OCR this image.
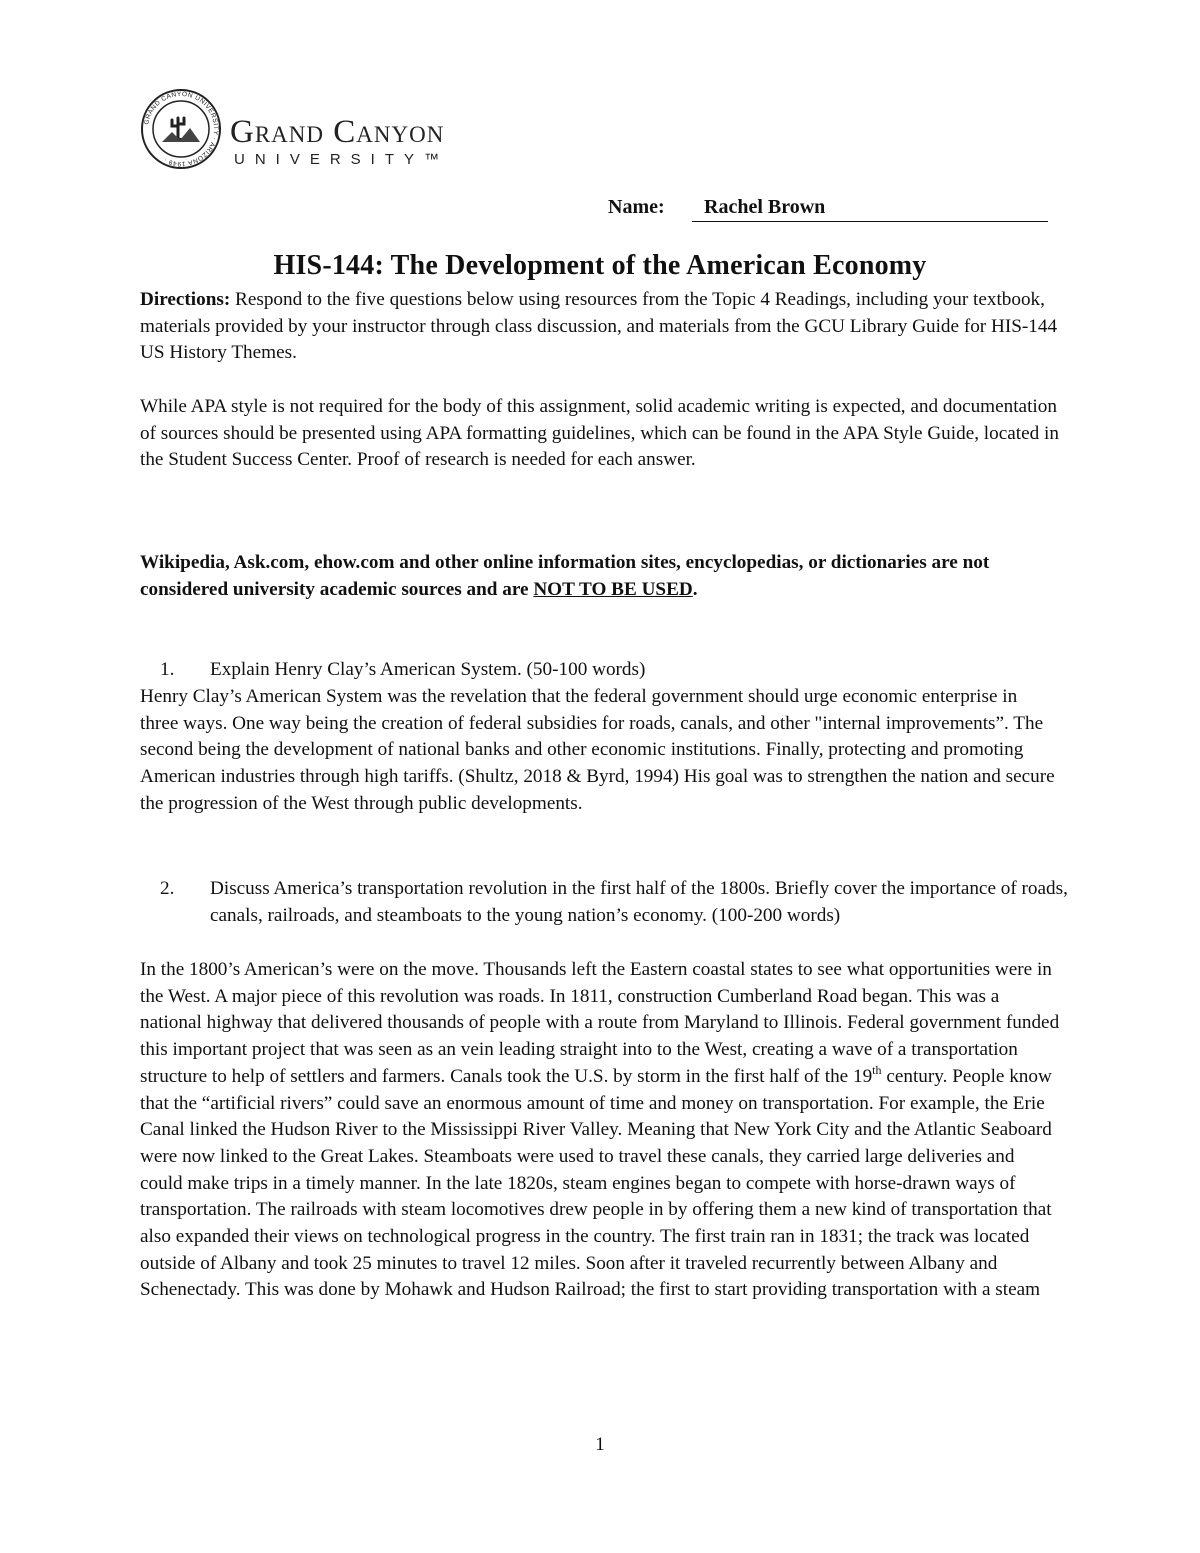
GRAND CANYON UNIVERSITY · ARIZONA 1949 ·
Grand Canyon
UNIVERSITY™
Name:	Rachel Brown
HIS-144: The Development of the American Economy

Directions: Respond to the five questions below using resources from the Topic 4 Readings, including your textbook, materials provided by your instructor through class discussion, and materials from the GCU Library Guide for HIS-144 US History Themes.

While APA style is not required for the body of this assignment, solid academic writing is expected, and documentation of sources should be presented using APA formatting guidelines, which can be found in the APA Style Guide, located in the Student Success Center. Proof of research is needed for each answer.

Wikipedia, Ask.com, ehow.com and other online information sites, encyclopedias, or dictionaries are not considered university academic sources and are NOT TO BE USED.

1. Explain Henry Clay’s American System. (50-100 words)

Henry Clay’s American System was the revelation that the federal government should urge economic enterprise in three ways. One way being the creation of federal subsidies for roads, canals, and other "internal improvements”. The second being the development of national banks and other economic institutions. Finally, protecting and promoting American industries through high tariffs. (Shultz, 2018 & Byrd, 1994) His goal was to strengthen the nation and secure the progression of the West through public developments.

2. Discuss America’s transportation revolution in the first half of the 1800s. Briefly cover the importance of roads, canals, railroads, and steamboats to the young nation’s economy. (100-200 words)

In the 1800’s American’s were on the move. Thousands left the Eastern coastal states to see what opportunities were in the West. A major piece of this revolution was roads. In 1811, construction Cumberland Road began. This was a national highway that delivered thousands of people with a route from Maryland to Illinois. Federal government funded this important project that was seen as an vein leading straight into to the West, creating a wave of a transportation structure to help of settlers and farmers. Canals took the U.S. by storm in the first half of the 19th century. People know that the “artificial rivers” could save an enormous amount of time and money on transportation. For example, the Erie Canal linked the Hudson River to the Mississippi River Valley. Meaning that New York City and the Atlantic Seaboard were now linked to the Great Lakes. Steamboats were used to travel these canals, they carried large deliveries and could make trips in a timely manner. In the late 1820s, steam engines began to compete with horse-drawn ways of transportation. The railroads with steam locomotives drew people in by offering them a new kind of transportation that also expanded their views on technological progress in the country. The first train ran in 1831; the track was located outside of Albany and took 25 minutes to travel 12 miles. Soon after it traveled recurrently between Albany and Schenectady. This was done by Mohawk and Hudson Railroad; the first to start providing transportation with a steam

1
